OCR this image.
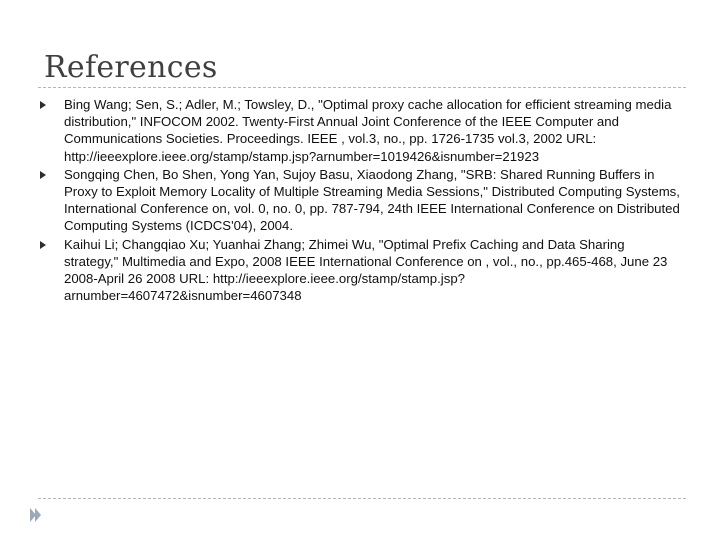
References
Bing Wang; Sen, S.; Adler, M.; Towsley, D., "Optimal proxy cache allocation for efficient streaming media distribution," INFOCOM 2002. Twenty-First Annual Joint Conference of the IEEE Computer and Communications Societies. Proceedings. IEEE , vol.3, no., pp. 1726-1735 vol.3, 2002 URL: http://ieeexplore.ieee.org/stamp/stamp.jsp?arnumber=1019426&isnumber=21923
Songqing Chen, Bo Shen, Yong Yan, Sujoy Basu, Xiaodong Zhang, "SRB: Shared Running Buffers in Proxy to Exploit Memory Locality of Multiple Streaming Media Sessions," Distributed Computing Systems, International Conference on, vol. 0, no. 0, pp. 787-794, 24th IEEE International Conference on Distributed Computing Systems (ICDCS'04), 2004.
Kaihui Li; Changqiao Xu; Yuanhai Zhang; Zhimei Wu, "Optimal Prefix Caching and Data Sharing strategy," Multimedia and Expo, 2008 IEEE International Conference on , vol., no., pp.465-468, June 23 2008-April 26 2008 URL: http://ieeexplore.ieee.org/stamp/stamp.jsp?arnumber=4607472&isnumber=4607348
